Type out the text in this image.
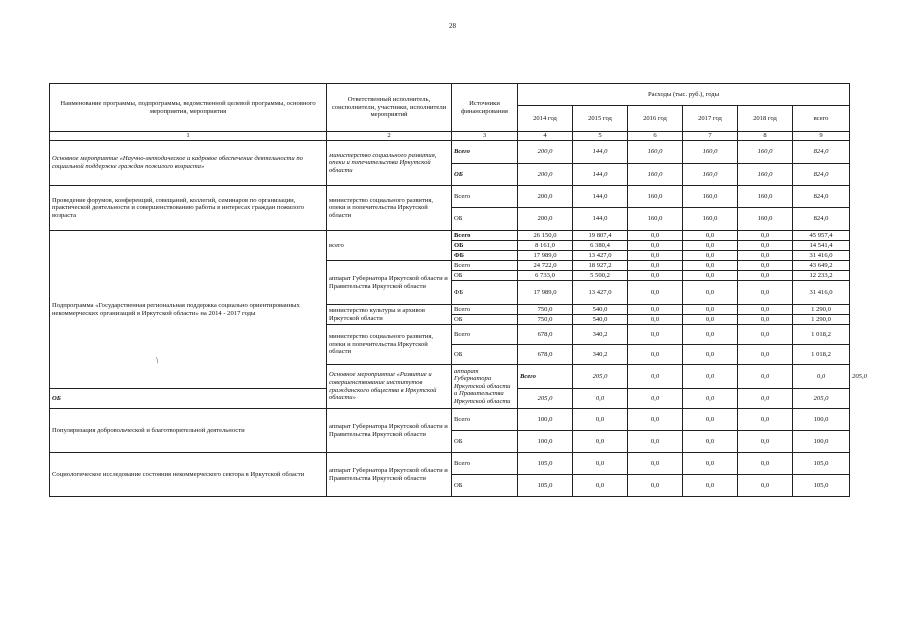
28
Наименование программы, подпрограммы, ведомственной целевой программы, основного мероприятия, мероприятия	Ответственный исполнитель, соисполнители, участники, исполнители мероприятий	Источники финансирования	Расходы (тыс. руб.), годы						
			2014 год	2015 год	2016 год	2017 год	2018 год	всего	
1	2	3	4	5	6	7	8	9	
Основное мероприятие «Научно-методическое и кадровое обеспечение деятельности по социальной поддержке граждан пожилого возраста»	министерство социального развития, опеки и попечительства Иркутской области	Всего	200,0	144,0	160,0	160,0	160,0	824,0	
		ОБ	200,0	144,0	160,0	160,0	160,0	824,0	
Проведение форумов, конференций, совещаний, коллегий, семинаров по организации, практической деятельности и совершенствованию работы в интересах граждан пожилого возраста	министерство социального развития, опеки и попечительства Иркутской области	Всего	200,0	144,0	160,0	160,0	160,0	824,0	
		ОБ	200,0	144,0	160,0	160,0	160,0	824,0	
Подпрограмма «Государственная региональная поддержка социально ориентированных некоммерческих организаций в Иркутской области» на 2014 - 2017 годы	всего	Всего	26 150,0	19 807,4	0,0	0,0	0,0	45 957,4	
		ОБ	8 161,0	6 380,4	0,0	0,0	0,0	14 541,4	
		ФБ	17 989,0	13 427,0	0,0	0,0	0,0	31 416,0	
	аппарат Губернатора Иркутской области и Правительства Иркутской области	Всего	24 722,0	18 927,2	0,0	0,0	0,0	43 649,2	
		ОБ	6 733,0	5 500,2	0,0	0,0	0,0	12 233,2	
		ФБ	17 989,0	13 427,0	0,0	0,0	0,0	31 416,0	
	министерство культуры и архивов Иркутской области	Всего	750,0	540,0	0,0	0,0	0,0	1 290,0	
		ОБ	750,0	540,0	0,0	0,0	0,0	1 290,0	
	министерство социального развития, опеки и попечительства Иркутской области	Всего	678,0	340,2	0,0	0,0	0,0	1 018,2	
		ОБ	678,0	340,2	0,0	0,0	0,0	1 018,2	
	Основное мероприятие «Развитие и совершенствование институтов гражданского общества в Иркутской области»	аппарат Губернатора Иркутской области и Правительства Иркутской области	Всего	205,0	0,0	0,0	0,0	0,0	205,0
ОБ			205,0	0,0	0,0	0,0	0,0	205,0	
Популяризация добровольческой и благотворительной деятельности	аппарат Губернатора Иркутской области и Правительства Иркутской области	Всего	100,0	0,0	0,0	0,0	0,0	100,0	
		ОБ	100,0	0,0	0,0	0,0	0,0	100,0	
Социологическое исследование состояния некоммерческого сектора в Иркутской области	аппарат Губернатора Иркутской области и Правительства Иркутской области	Всего	105,0	0,0	0,0	0,0	0,0	105,0	
		ОБ	105,0	0,0	0,0	0,0	0,0	105,0	
/
